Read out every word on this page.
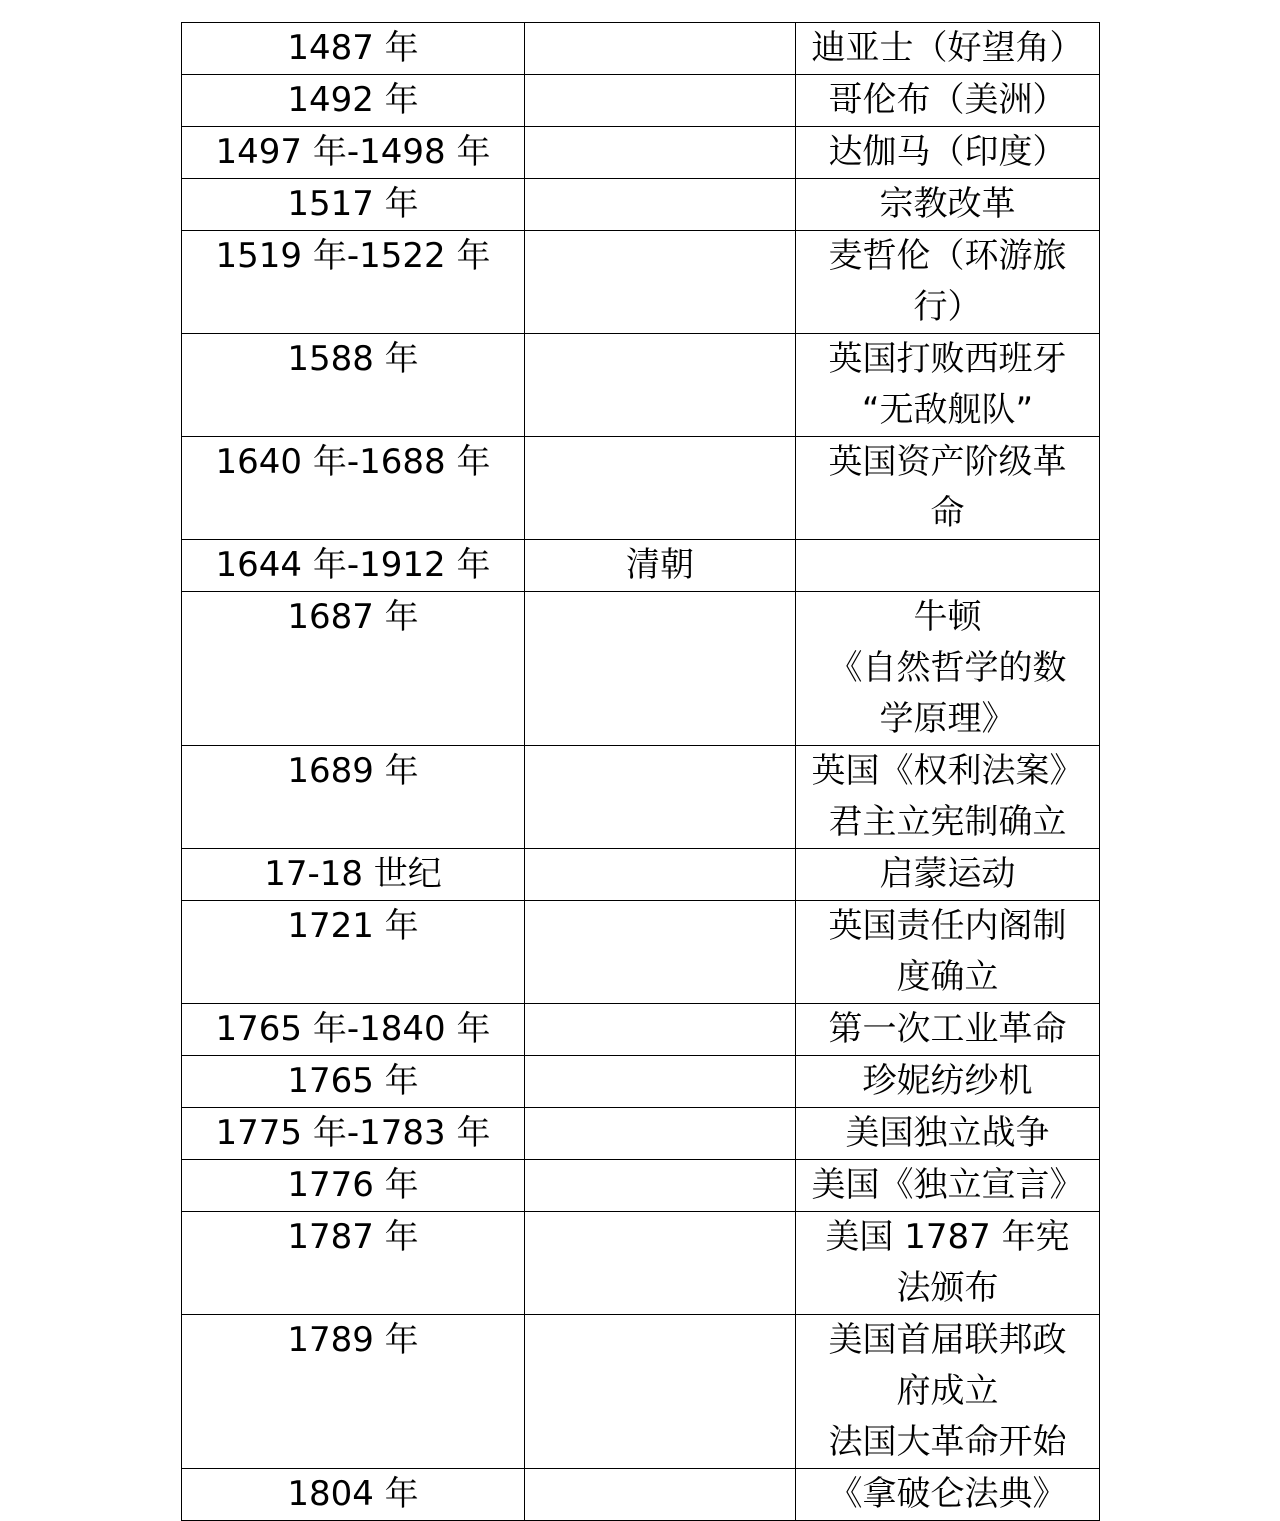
1487 年		迪亚士（好望角）

1492 年		哥伦布（美洲）

1497 年-1498 年		达伽马（印度）

1517 年		宗教改革

1519 年-1522 年		麦哲伦（环游旅
行）

1588 年		英国打败西班牙
“无敌舰队”

1640 年-1688 年		英国资产阶级革
命

1644 年-1912 年	清朝	

1687 年		牛顿
《自然哲学的数
学原理》

1689 年		英国《权利法案》
君主立宪制确立

17-18 世纪		启蒙运动

1721 年		英国责任内阁制
度确立

1765 年-1840 年		第一次工业革命

1765 年		珍妮纺纱机

1775 年-1783 年		美国独立战争

1776 年		美国《独立宣言》

1787 年		美国 1787 年宪
法颁布

1789 年		美国首届联邦政
府成立
法国大革命开始

1804 年		《拿破仑法典》
